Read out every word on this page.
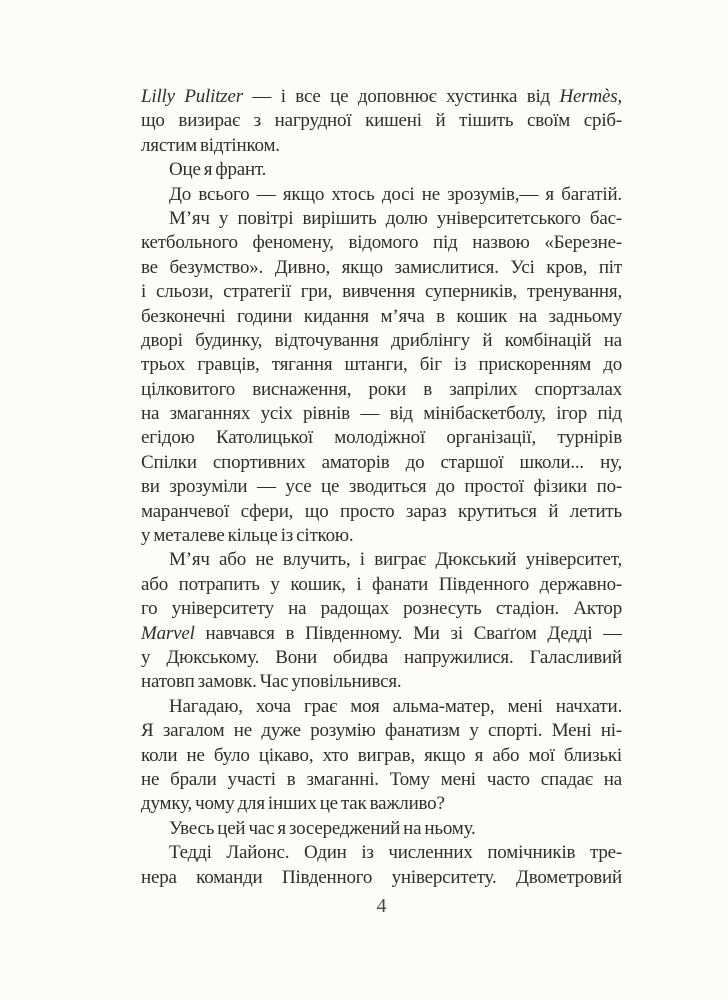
Lilly Pulitzer — і все це доповнює хустинка від Hermès,
що визирає з нагрудної кишені й тішить своїм сріб-
лястим відтінком.

Оце я франт.

До всього — якщо хтось досі не зрозумів,— я багатій.

М’яч у повітрі вирішить долю університетського бас-
кетбольного феномену, відомого під назвою «Березне-
ве безумство». Дивно, якщо замислитися. Усі кров, піт
і сльози, стратегії гри, вивчення суперників, тренування,
безконечні години кидання м’яча в кошик на задньому
дворі будинку, відточування дриблінгу й комбінацій на
трьох гравців, тягання штанги, біг із прискоренням до
цілковитого виснаження, роки в запрілих спортзалах
на змаганнях усіх рівнів — від мінібаскетболу, ігор під
егідою Католицької молодіжної організації, турнірів
Спілки спортивних аматорів до старшої школи... ну,
ви зрозуміли — усе це зводиться до простої фізики по-
маранчевої сфери, що просто зараз крутиться й летить
у металеве кільце із сіткою.

М’яч або не влучить, і виграє Дюкський університет,
або потрапить у кошик, і фанати Південного державно-
го університету на радощах рознесуть стадіон. Актор
Marvel навчався в Південному. Ми зі Сваґґом Дедді —
у Дюкському. Вони обидва напружилися. Галасливий
натовп замовк. Час уповільнився.

Нагадаю, хоча грає моя альма-матер, мені начхати.
Я загалом не дуже розумію фанатизм у спорті. Мені ні-
коли не було цікаво, хто виграв, якщо я або мої близькі
не брали участі в змаганні. Тому мені часто спадає на
думку, чому для інших це так важливо?

Увесь цей час я зосереджений на ньому.

Тедді Лайонс. Один із численних помічників тре-
нера команди Південного університету. Двометровий

4
